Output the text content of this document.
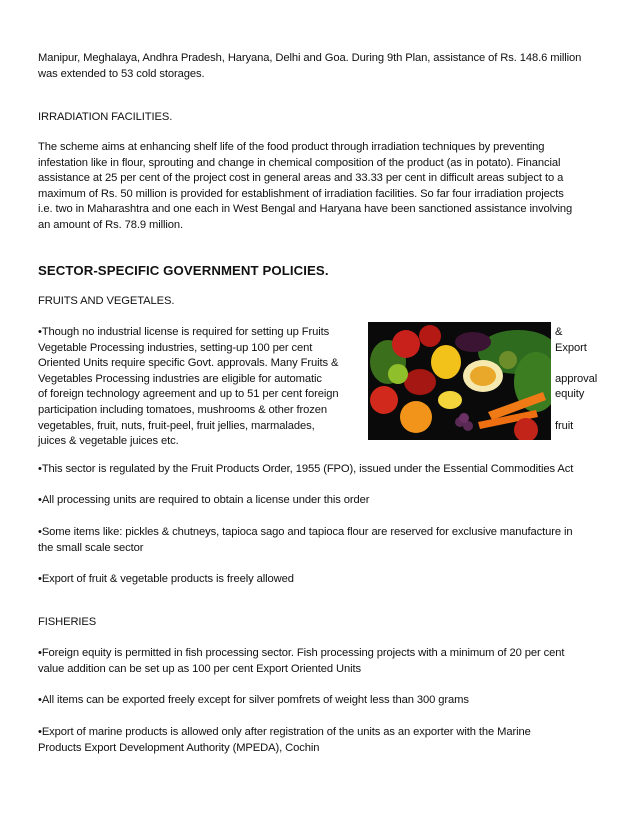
Manipur, Meghalaya, Andhra Pradesh, Haryana, Delhi and Goa. During 9th Plan, assistance of Rs. 148.6 million

was extended to 53 cold storages.

IRRADIATION FACILITIES.

The scheme aims at enhancing shelf life of the food product through irradiation techniques by preventing

infestation like in flour, sprouting and change in chemical composition of the product (as in potato). Financial

assistance at 25 per cent of the project cost in general areas and 33.33 per cent in difficult areas subject to a

maximum of Rs. 50 million is provided for establishment of irradiation facilities. So far four irradiation projects

i.e. two in Maharashtra and one each in West Bengal and Haryana have been sanctioned assistance involving

an amount of Rs. 78.9 million.

SECTOR-SPECIFIC GOVERNMENT POLICIES.

FRUITS AND VEGETALES.

•Though no industrial license is required for setting up Fruits

Vegetable Processing industries, setting-up 100 per cent

Oriented Units require specific Govt. approvals. Many Fruits &

Vegetables Processing industries are eligible for automatic

of foreign technology agreement and up to 51 per cent foreign

participation including tomatoes, mushrooms & other frozen

vegetables, fruit, nuts, fruit-peel, fruit jellies, marmalades,

juices & vegetable juices etc.

&
Export
approval
equity
fruit

•This sector is regulated by the Fruit Products Order, 1955 (FPO), issued under the Essential Commodities Act

•All processing units are required to obtain a license under this order

•Some items like: pickles & chutneys, tapioca sago and tapioca flour are reserved for exclusive manufacture in

the small scale sector

•Export of fruit & vegetable products is freely allowed

FISHERIES

•Foreign equity is permitted in fish processing sector. Fish processing projects with a minimum of 20 per cent

value addition can be set up as 100 per cent Export Oriented Units

•All items can be exported freely except for silver pomfrets of weight less than 300 grams

•Export of marine products is allowed only after registration of the units as an exporter with the Marine

Products Export Development Authority (MPEDA), Cochin
